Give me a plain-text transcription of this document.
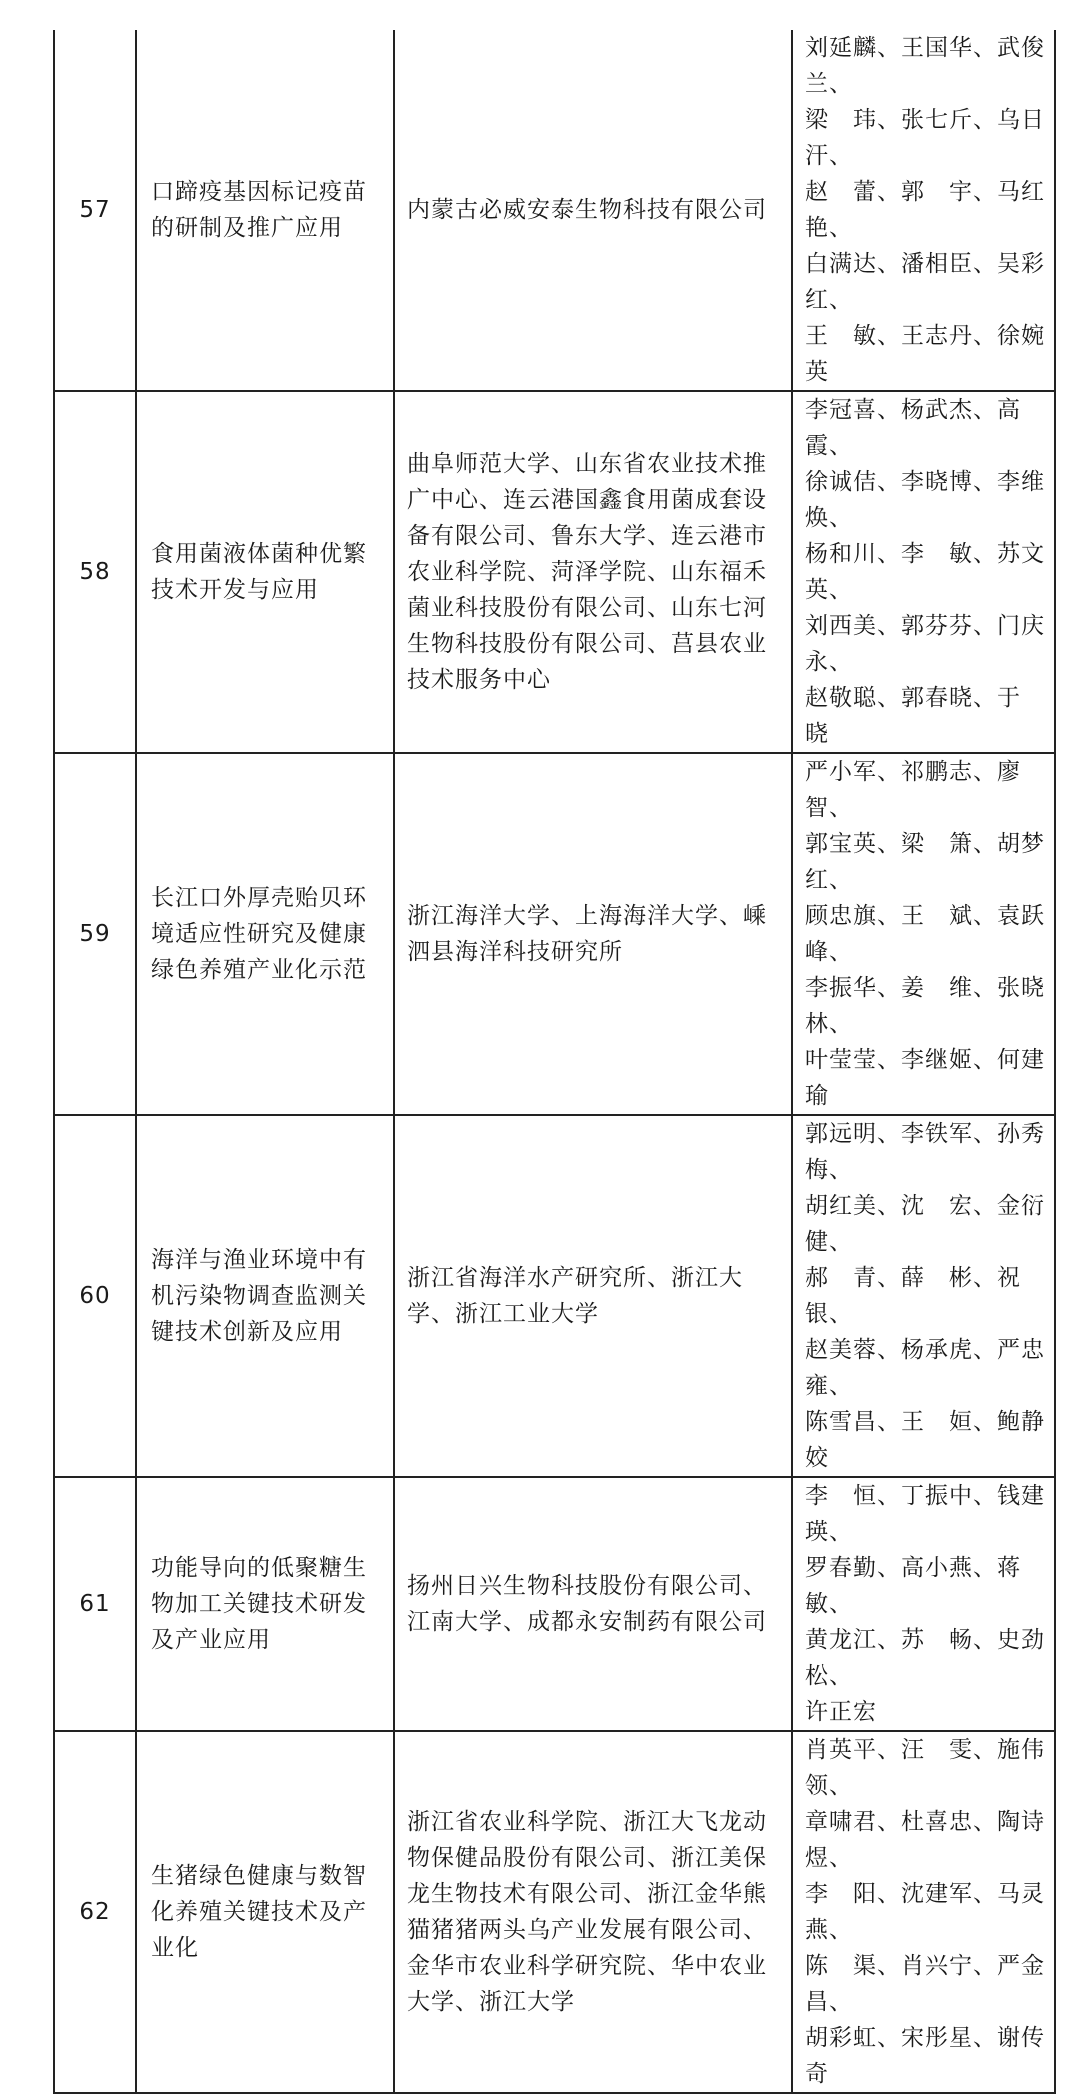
57	口蹄疫基因标记疫苗的研制及推广应用	内蒙古必威安泰生物科技有限公司	刘延麟、王国华、武俊兰、
梁　玮、张七斤、乌日汗、
赵　蕾、郭　宇、马红艳、
白满达、潘相臣、吴彩红、
王　敏、王志丹、徐婉英

58	食用菌液体菌种优繁技术开发与应用	曲阜师范大学、山东省农业技术推广中心、连云港国鑫食用菌成套设备有限公司、鲁东大学、连云港市农业科学院、菏泽学院、山东福禾菌业科技股份有限公司、山东七河生物科技股份有限公司、莒县农业技术服务中心	李冠喜、杨武杰、高　霞、
徐诚佶、李晓博、李维焕、
杨和川、李　敏、苏文英、
刘西美、郭芬芬、门庆永、
赵敬聪、郭春晓、于　晓

59	长江口外厚壳贻贝环境适应性研究及健康绿色养殖产业化示范	浙江海洋大学、上海海洋大学、嵊泗县海洋科技研究所	严小军、祁鹏志、廖　智、
郭宝英、梁　箫、胡梦红、
顾忠旗、王　斌、袁跃峰、
李振华、姜　维、张晓林、
叶莹莹、李继姬、何建瑜

60	海洋与渔业环境中有机污染物调查监测关键技术创新及应用	浙江省海洋水产研究所、浙江大学、浙江工业大学	郭远明、李铁军、孙秀梅、
胡红美、沈　宏、金衍健、
郝　青、薛　彬、祝　银、
赵美蓉、杨承虎、严忠雍、
陈雪昌、王　姮、鲍静姣

61	功能导向的低聚糖生物加工关键技术研发及产业应用	扬州日兴生物科技股份有限公司、江南大学、成都永安制药有限公司	李　恒、丁振中、钱建瑛、
罗春勤、高小燕、蒋　敏、
黄龙江、苏　畅、史劲松、
许正宏

62	生猪绿色健康与数智化养殖关键技术及产业化	浙江省农业科学院、浙江大飞龙动物保健品股份有限公司、浙江美保龙生物技术有限公司、浙江金华熊猫猪猪两头乌产业发展有限公司、金华市农业科学研究院、华中农业大学、浙江大学	肖英平、汪　雯、施伟领、
章啸君、杜喜忠、陶诗煜、
李　阳、沈建军、马灵燕、
陈　渠、肖兴宁、严金昌、
胡彩虹、宋彤星、谢传奇
